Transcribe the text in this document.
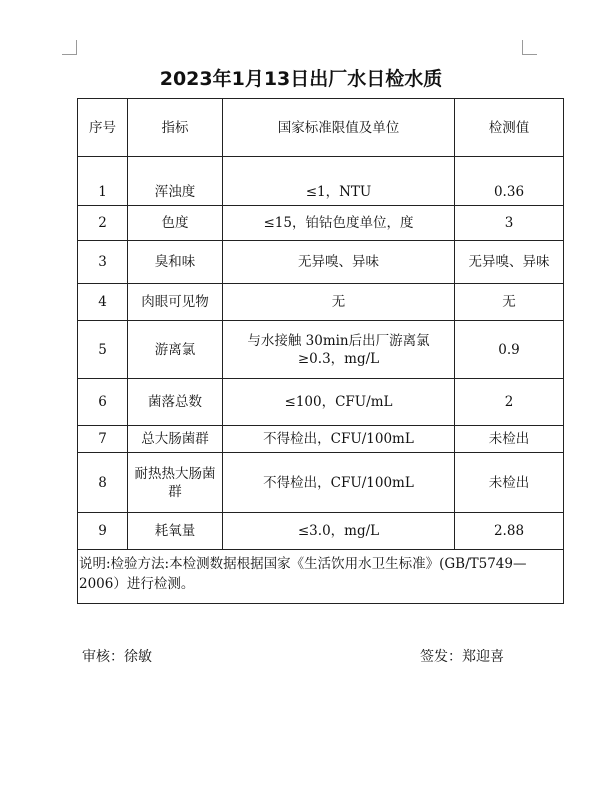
2023年1月13日出厂水日检水质
序号	指标	国家标准限值及单位	检测值
1	浑浊度	≤1，NTU	0.36
2	色度	≤15，铂钴色度单位，度	3
3	臭和味	无异嗅、异味	无异嗅、异味
4	肉眼可见物	无	无
5	游离氯	与水接触 30min后出厂游离氯≥0.3，mg/L	0.9
6	菌落总数	≤100，CFU/mL	2
7	总大肠菌群	不得检出，CFU/100mL	未检出
8	耐热热大肠菌群	不得检出，CFU/100mL	未检出
9	耗氧量	≤3.0，mg/L	2.88
说明:检验方法:本检测数据根据国家《生活饮用水卫生标准》(GB/T5749—2006）进行检测。			
审核：徐敏	签发：郑迎喜
